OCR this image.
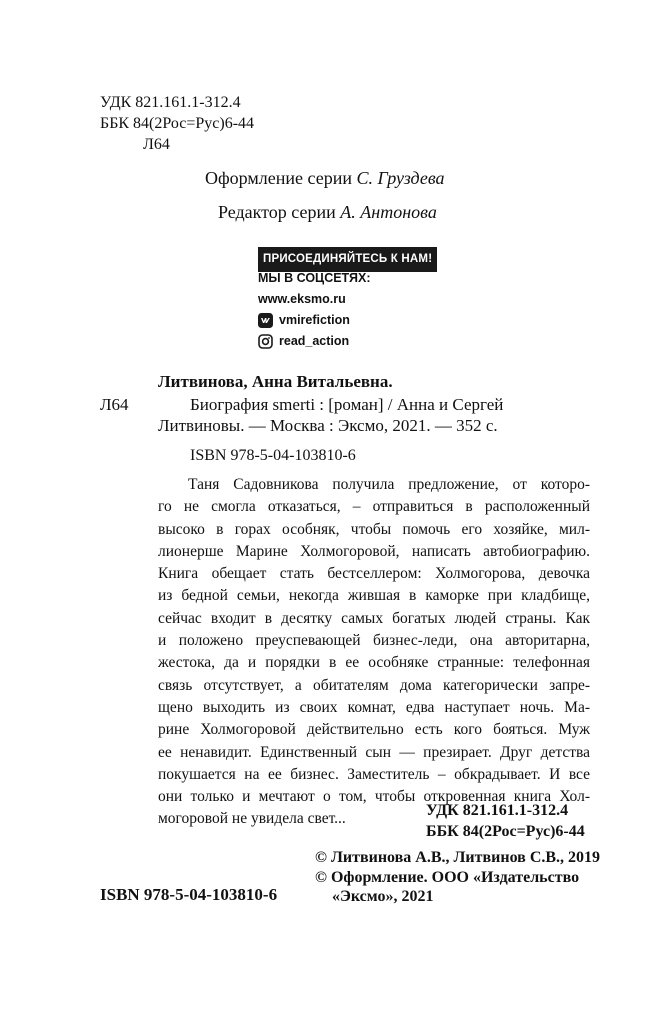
УДК 821.161.1-312.4
ББК 84(2Рос=Рус)6-44
Л64
Оформление серии С. Груздева
Редактор серии А. Антонова
ПРИСОЕДИНЯЙТЕСЬ К НАМ!
МЫ В СОЦСЕТЯХ:
www.eksmo.ru
vmirefiction
read_action
Литвинова, Анна Витальевна.
Л64	Биография smerti : [роман] / Анна и Сергей
Литвиновы. — Москва : Эксмо, 2021. — 352 с.
ISBN 978-5-04-103810-6
Таня Садовникова получила предложение, от которо-
го не смогла отказаться, – отправиться в расположенный
высоко в горах особняк, чтобы помочь его хозяйке, мил-
лионерше Марине Холмогоровой, написать автобиографию.
Книга обещает стать бестселлером: Холмогорова, девочка
из бедной семьи, некогда жившая в каморке при кладбище,
сейчас входит в десятку самых богатых людей страны. Как
и положено преуспевающей бизнес-леди, она авторитарна,
жестока, да и порядки в ее особняке странные: телефонная
связь отсутствует, а обитателям дома категорически запре-
щено выходить из своих комнат, едва наступает ночь. Ма-
рине Холмогоровой действительно есть кого бояться. Муж
ее ненавидит. Единственный сын — презирает. Друг детства
покушается на ее бизнес. Заместитель – обкрадывает. И все
они только и мечтают о том, чтобы откровенная книга Хол-
могоровой не увидела свет...	УДК 821.161.1-312.4
ББК 84(2Рос=Рус)6-44
© Литвинова А.В., Литвинов С.В., 2019
© Оформление. ООО «Издательство
«Эксмо», 2021
ISBN 978-5-04-103810-6
